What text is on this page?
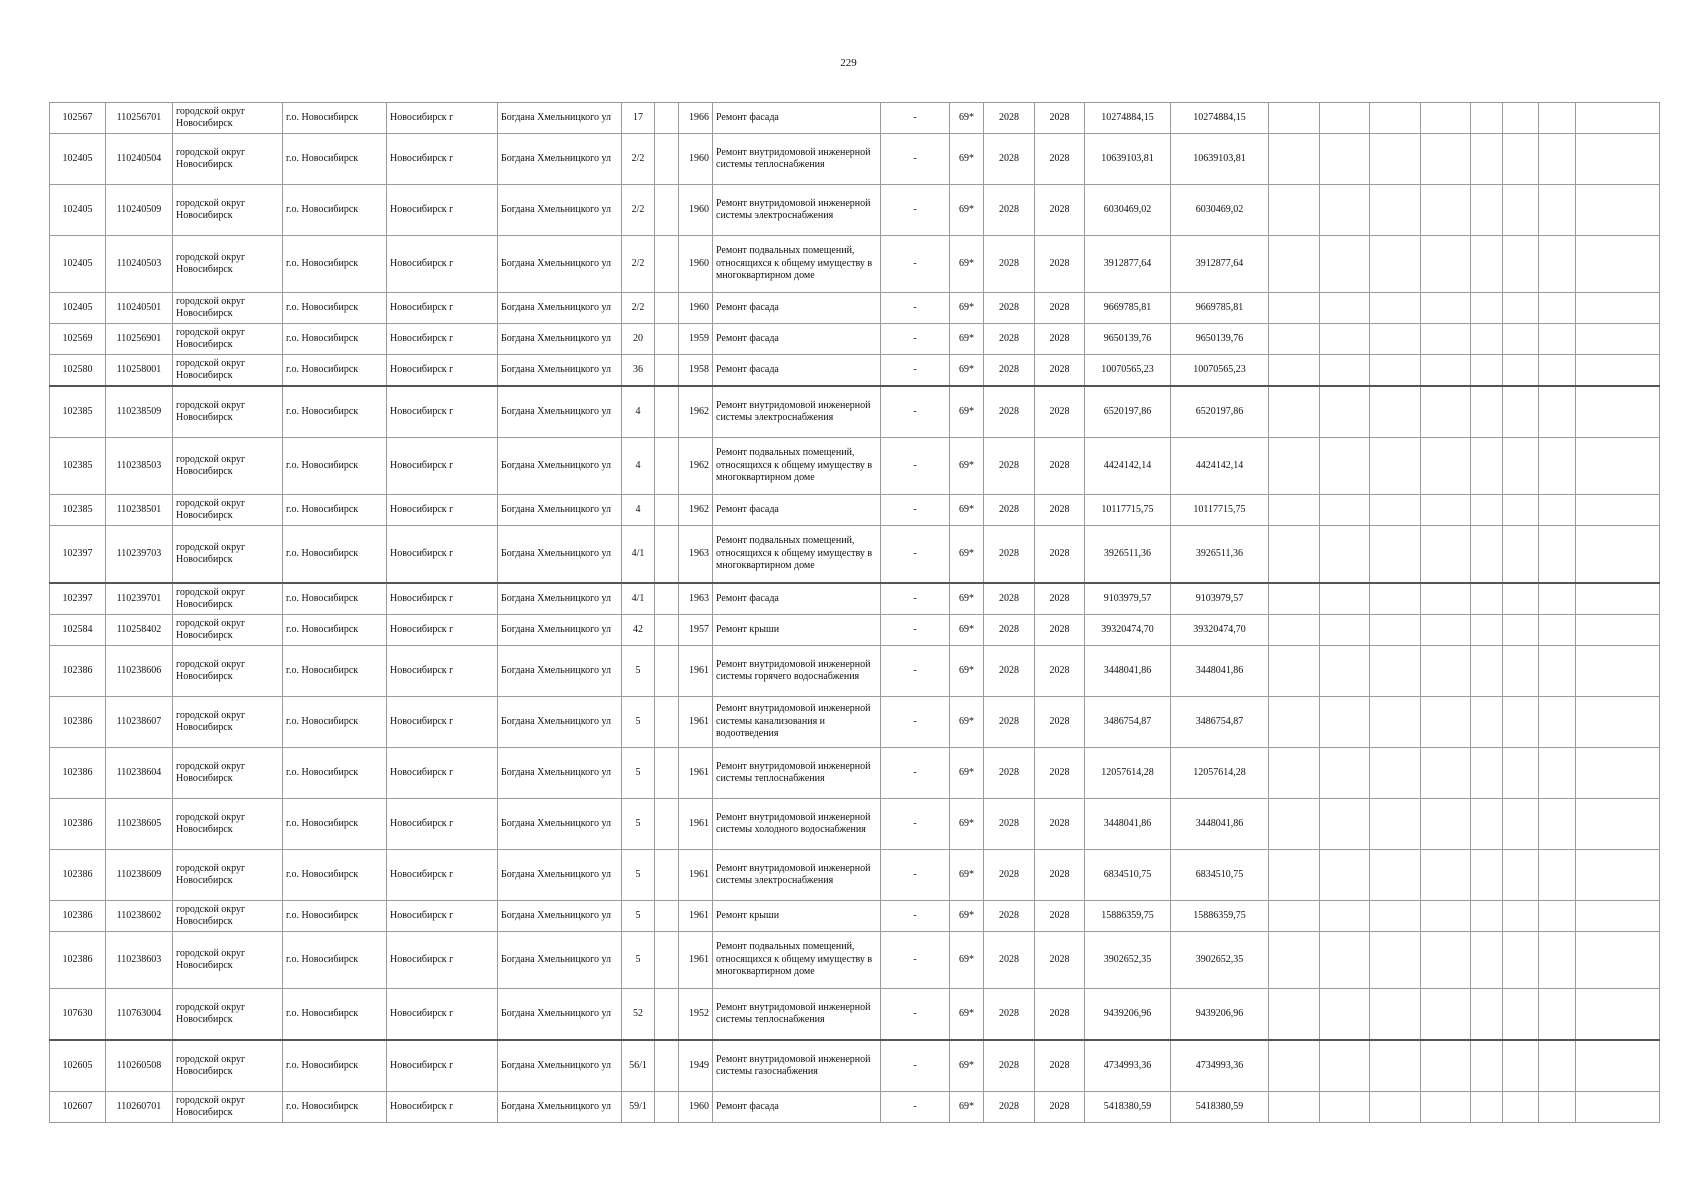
229
102567	110256701	городской округ Новосибирск	г.о. Новосибирск	Новосибирск г	Богдана Хмельницкого ул	17		1966	Ремонт фасада	-	69*	2028	2028	10274884,15	10274884,15								
102405	110240504	городской округ Новосибирск	г.о. Новосибирск	Новосибирск г	Богдана Хмельницкого ул	2/2		1960	Ремонт внутридомовой инженерной системы теплоснабжения	-	69*	2028	2028	10639103,81	10639103,81								
102405	110240509	городской округ Новосибирск	г.о. Новосибирск	Новосибирск г	Богдана Хмельницкого ул	2/2		1960	Ремонт внутридомовой инженерной системы электроснабжения	-	69*	2028	2028	6030469,02	6030469,02								
102405	110240503	городской округ Новосибирск	г.о. Новосибирск	Новосибирск г	Богдана Хмельницкого ул	2/2		1960	Ремонт подвальных помещений, относящихся к общему имуществу в многоквартирном доме	-	69*	2028	2028	3912877,64	3912877,64								
102405	110240501	городской округ Новосибирск	г.о. Новосибирск	Новосибирск г	Богдана Хмельницкого ул	2/2		1960	Ремонт фасада	-	69*	2028	2028	9669785,81	9669785,81								
102569	110256901	городской округ Новосибирск	г.о. Новосибирск	Новосибирск г	Богдана Хмельницкого ул	20		1959	Ремонт фасада	-	69*	2028	2028	9650139,76	9650139,76								
102580	110258001	городской округ Новосибирск	г.о. Новосибирск	Новосибирск г	Богдана Хмельницкого ул	36		1958	Ремонт фасада	-	69*	2028	2028	10070565,23	10070565,23								
102385	110238509	городской округ Новосибирск	г.о. Новосибирск	Новосибирск г	Богдана Хмельницкого ул	4		1962	Ремонт внутридомовой инженерной системы электроснабжения	-	69*	2028	2028	6520197,86	6520197,86								
102385	110238503	городской округ Новосибирск	г.о. Новосибирск	Новосибирск г	Богдана Хмельницкого ул	4		1962	Ремонт подвальных помещений, относящихся к общему имуществу в многоквартирном доме	-	69*	2028	2028	4424142,14	4424142,14								
102385	110238501	городской округ Новосибирск	г.о. Новосибирск	Новосибирск г	Богдана Хмельницкого ул	4		1962	Ремонт фасада	-	69*	2028	2028	10117715,75	10117715,75								
102397	110239703	городской округ Новосибирск	г.о. Новосибирск	Новосибирск г	Богдана Хмельницкого ул	4/1		1963	Ремонт подвальных помещений, относящихся к общему имуществу в многоквартирном доме	-	69*	2028	2028	3926511,36	3926511,36								
102397	110239701	городской округ Новосибирск	г.о. Новосибирск	Новосибирск г	Богдана Хмельницкого ул	4/1		1963	Ремонт фасада	-	69*	2028	2028	9103979,57	9103979,57								
102584	110258402	городской округ Новосибирск	г.о. Новосибирск	Новосибирск г	Богдана Хмельницкого ул	42		1957	Ремонт крыши	-	69*	2028	2028	39320474,70	39320474,70								
102386	110238606	городской округ Новосибирск	г.о. Новосибирск	Новосибирск г	Богдана Хмельницкого ул	5		1961	Ремонт внутридомовой инженерной системы горячего водоснабжения	-	69*	2028	2028	3448041,86	3448041,86								
102386	110238607	городской округ Новосибирск	г.о. Новосибирск	Новосибирск г	Богдана Хмельницкого ул	5		1961	Ремонт внутридомовой инженерной системы канализования и водоотведения	-	69*	2028	2028	3486754,87	3486754,87								
102386	110238604	городской округ Новосибирск	г.о. Новосибирск	Новосибирск г	Богдана Хмельницкого ул	5		1961	Ремонт внутридомовой инженерной системы теплоснабжения	-	69*	2028	2028	12057614,28	12057614,28								
102386	110238605	городской округ Новосибирск	г.о. Новосибирск	Новосибирск г	Богдана Хмельницкого ул	5		1961	Ремонт внутридомовой инженерной системы холодного водоснабжения	-	69*	2028	2028	3448041,86	3448041,86								
102386	110238609	городской округ Новосибирск	г.о. Новосибирск	Новосибирск г	Богдана Хмельницкого ул	5		1961	Ремонт внутридомовой инженерной системы электроснабжения	-	69*	2028	2028	6834510,75	6834510,75								
102386	110238602	городской округ Новосибирск	г.о. Новосибирск	Новосибирск г	Богдана Хмельницкого ул	5		1961	Ремонт крыши	-	69*	2028	2028	15886359,75	15886359,75								
102386	110238603	городской округ Новосибирск	г.о. Новосибирск	Новосибирск г	Богдана Хмельницкого ул	5		1961	Ремонт подвальных помещений, относящихся к общему имуществу в многоквартирном доме	-	69*	2028	2028	3902652,35	3902652,35								
107630	110763004	городской округ Новосибирск	г.о. Новосибирск	Новосибирск г	Богдана Хмельницкого ул	52		1952	Ремонт внутридомовой инженерной системы теплоснабжения	-	69*	2028	2028	9439206,96	9439206,96								
102605	110260508	городской округ Новосибирск	г.о. Новосибирск	Новосибирск г	Богдана Хмельницкого ул	56/1		1949	Ремонт внутридомовой инженерной системы газоснабжения	-	69*	2028	2028	4734993,36	4734993,36								
102607	110260701	городской округ Новосибирск	г.о. Новосибирск	Новосибирск г	Богдана Хмельницкого ул	59/1		1960	Ремонт фасада	-	69*	2028	2028	5418380,59	5418380,59								
